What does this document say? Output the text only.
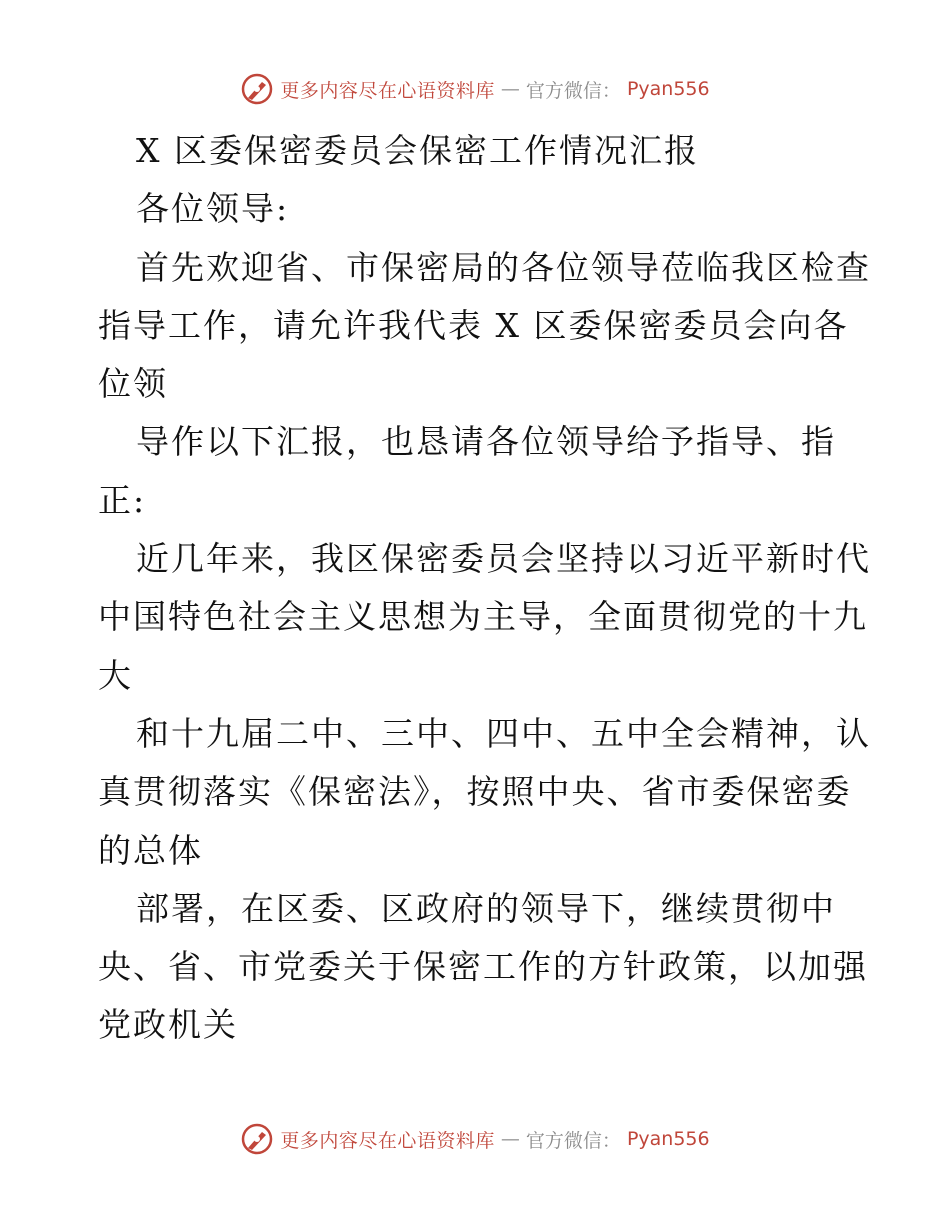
更多内容尽在心语资料库 — 官方微信： Pyan556
X 区委保密委员会保密工作情况汇报
各位领导:
首先欢迎省、市保密局的各位领导莅临我区检查
指导工作，请允许我代表 X 区委保密委员会向各
位领
导作以下汇报，也恳请各位领导给予指导、指
正:
近几年来，我区保密委员会坚持以习近平新时代
中国特色社会主义思想为主导，全面贯彻党的十九
大
和十九届二中、三中、四中、五中全会精神，认
真贯彻落实《保密法》，按照中央、省市委保密委
的总体
部署，在区委、区政府的领导下，继续贯彻中
央、省、市党委关于保密工作的方针政策，以加强
党政机关
更多内容尽在心语资料库 — 官方微信： Pyan556
